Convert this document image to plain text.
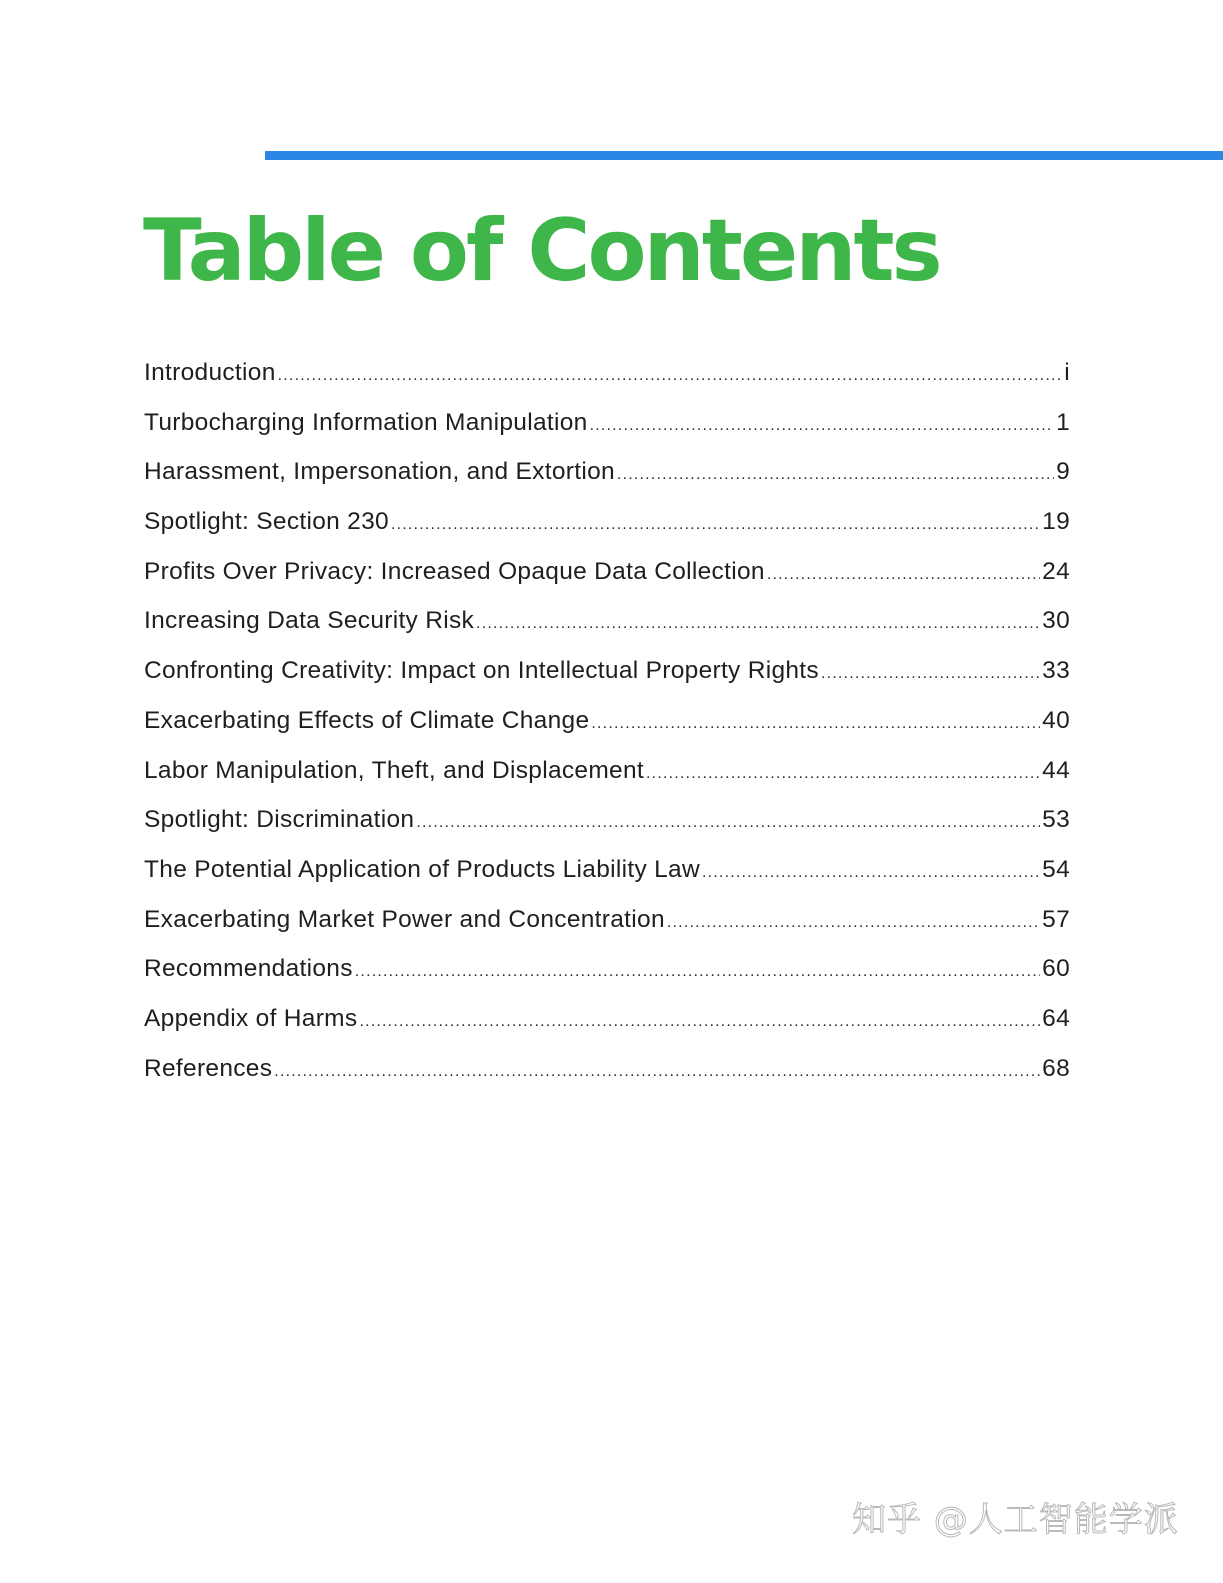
Table of Contents
Introduction .....	i
Turbocharging Information Manipulation .....	1
Harassment, Impersonation, and Extortion .....	9
Spotlight: Section 230 .....	19
Profits Over Privacy: Increased Opaque Data Collection .....	24
Increasing Data Security Risk .....	30
Confronting Creativity: Impact on Intellectual Property Rights .....	33
Exacerbating Effects of Climate Change .....	40
Labor Manipulation, Theft, and Displacement .....	44
Spotlight: Discrimination .....	53
The Potential Application of Products Liability Law .....	54
Exacerbating Market Power and Concentration .....	57
Recommendations .....	60
Appendix of Harms .....	64
References .....	68
知乎 @人工智能学派
